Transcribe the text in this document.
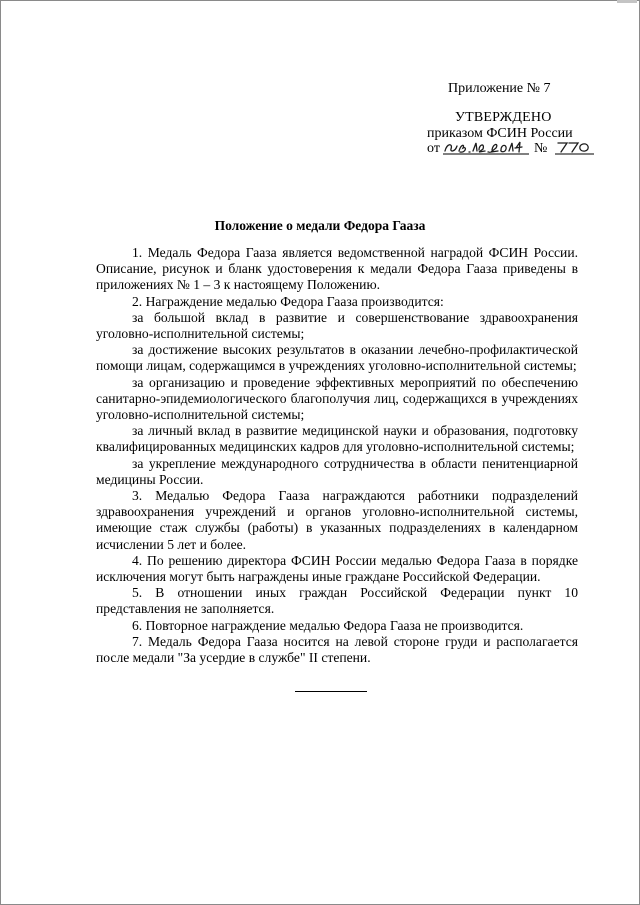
Приложение № 7
УТВЕРЖДЕНО
приказом ФСИН России
от	№
Положение о медали Федора Гааза

1. Медаль Федора Гааза является ведомственной наградой ФСИН России. Описание, рисунок и бланк удостоверения к медали Федора Гааза приведены в приложениях № 1 – 3 к настоящему Положению.

2. Награждение медалью Федора Гааза производится:

за большой вклад в развитие и совершенствование здравоохранения уголовно-исполнительной системы;

за достижение высоких результатов в оказании лечебно-профилактической помощи лицам, содержащимся в учреждениях уголовно-исполнительной системы;

за организацию и проведение эффективных мероприятий по обеспечению санитарно-эпидемиологического благополучия лиц, содержащихся в учреждениях уголовно-исполнительной системы;

за личный вклад в развитие медицинской науки и образования, подготовку квалифицированных медицинских кадров для уголовно-исполнительной системы;

за укрепление международного сотрудничества в области пенитенциарной медицины России.

3. Медалью Федора Гааза награждаются работники подразделений здравоохранения учреждений и органов уголовно-исполнительной системы, имеющие стаж службы (работы) в указанных подразделениях в календарном исчислении 5 лет и более.

4. По решению директора ФСИН России медалью Федора Гааза в порядке исключения могут быть награждены иные граждане Российской Федерации.

5. В отношении иных граждан Российской Федерации пункт 10 представления не заполняется.

6. Повторное награждение медалью Федора Гааза не производится.

7. Медаль Федора Гааза носится на левой стороне груди и располагается после медали "За усердие в службе" II степени.
